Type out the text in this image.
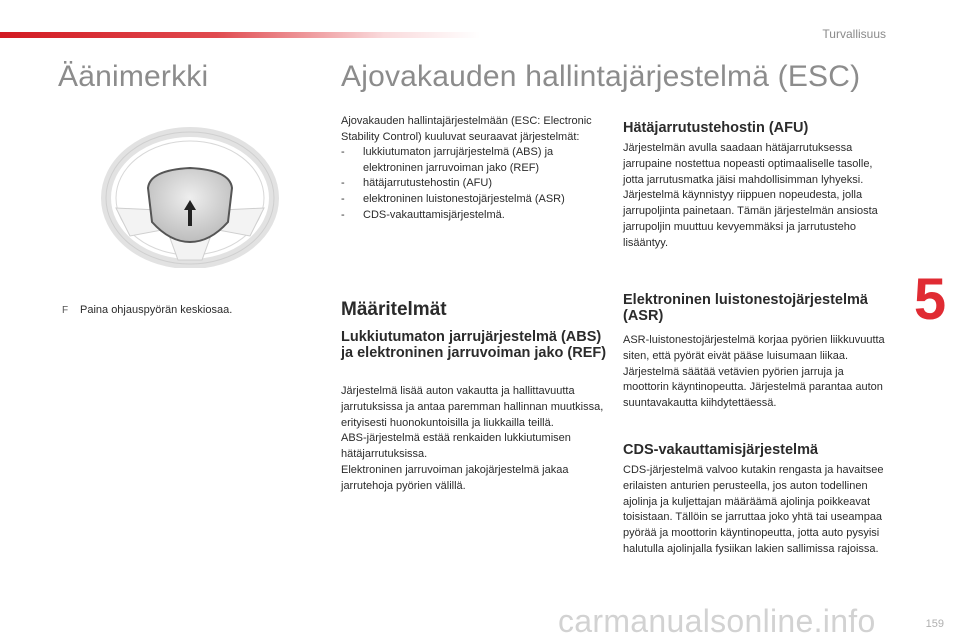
Turvallisuus
Äänimerkki
F Paina ohjauspyörän keskiosaa.
Ajovakauden hallintajärjestelmä (ESC)

Ajovakauden hallintajärjestelmään (ESC: Electronic Stability Control) kuuluvat seuraavat järjestelmät:

- lukkiutumaton jarrujärjestelmä (ABS) ja elektroninen jarruvoiman jako (REF)
- hätäjarrutustehostin (AFU)
- elektroninen luistonestojärjestelmä (ASR)
- CDS-vakauttamisjärjestelmä.
Määritelmät
Lukkiutumaton jarrujärjestelmä (ABS) ja elektroninen jarruvoiman jako (REF)

Järjestelmä lisää auton vakautta ja hallittavuutta jarrutuksissa ja antaa paremman hallinnan muutkissa, erityisesti huonokuntoisilla ja liukkailla teillä.
ABS-järjestelmä estää renkaiden lukkiutumisen hätäjarrutuksissa.
Elektroninen jarruvoiman jakojärjestelmä jakaa jarrutehoja pyörien välillä.

Hätäjarrutustehostin (AFU)

Järjestelmän avulla saadaan hätäjarrutuksessa jarrupaine nostettua nopeasti optimaaliselle tasolle, jotta jarrutusmatka jäisi mahdollisimman lyhyeksi.
Järjestelmä käynnistyy riippuen nopeudesta, jolla jarrupoljinta painetaan. Tämän järjestelmän ansiosta jarrupoljin muuttuu kevyemmäksi ja jarrutusteho lisääntyy.

Elektroninen luistonestojärjestelmä (ASR)

ASR-luistonestojärjestelmä korjaa pyörien liikkuvuutta siten, että pyörät eivät pääse luisumaan liikaa. Järjestelmä säätää vetävien pyörien jarruja ja moottorin käyntinopeutta. Järjestelmä parantaa auton suuntavakautta kiihdytettäessä.

CDS-vakauttamisjärjestelmä

CDS-järjestelmä valvoo kutakin rengasta ja havaitsee erilaisten anturien perusteella, jos auton todellinen ajolinja ja kuljettajan määräämä ajolinja poikkeavat toisistaan. Tällöin se jarruttaa joko yhtä tai useampaa pyörää ja moottorin käyntinopeutta, jotta auto pysyisi halutulla ajolinjalla fysiikan lakien sallimissa rajoissa.

5
carmanualsonline.info	159
